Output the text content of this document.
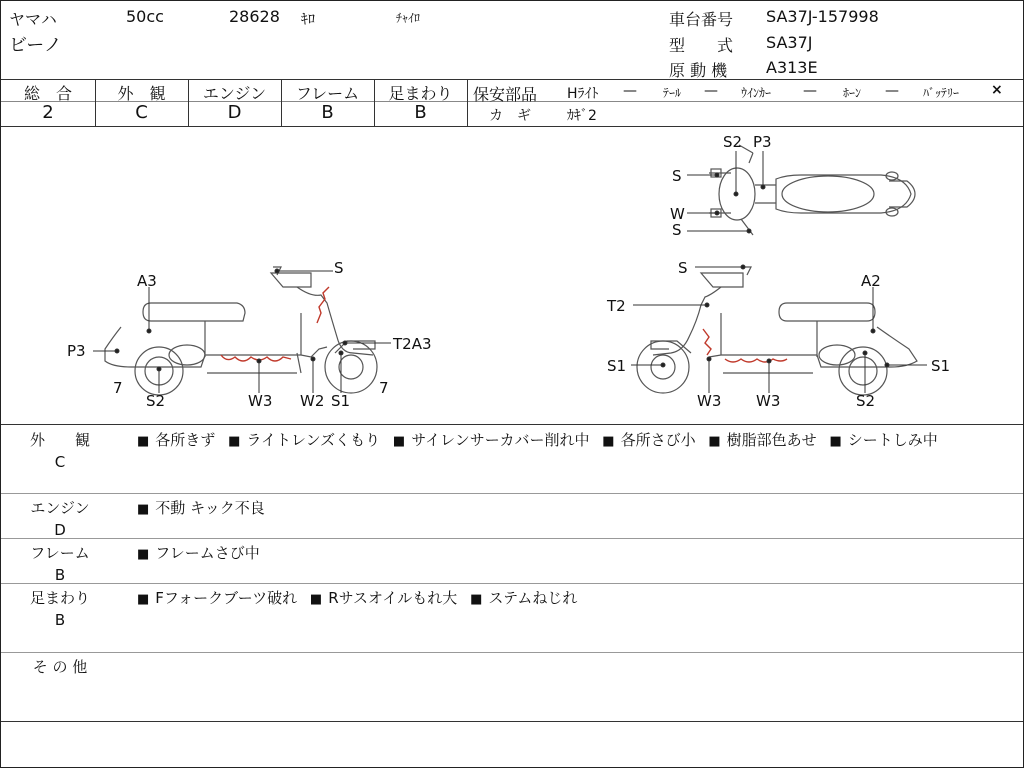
ヤマハ
ビーノ
50cc	28628 ｷﾛ	ﾁｬｲﾛ	車台番号 SA37J-157998
型　　式 SA37J
原 動 機 A313E
総　合	外　観	エンジン	フレーム	足まわり
2	C	D	B	B
保安部品 Hﾗｲﾄ — ﾃｰﾙ — ｳｲﾝｶｰ — ﾎｰﾝ — ﾊﾞｯﾃﾘｰ ×
カ　ギ	ｶｷﾞ2
S2 P3
S
W
S
S
A3
T2A3
P3
7
S2	W3 W2 S1
7
S
A2
T2
S1	S1
W3 W3	S2
外　　観
C
■ 各所きず ■ ライトレンズくもり ■ サイレンサーカバー削れ中 ■ 各所さび小 ■ 樹脂部色あせ ■ シートしみ中
エンジン
D
■ 不動 キック不良
フレーム
B
■ フレームさび中
足まわり
B
■ Fフォークブーツ破れ ■ Rサスオイルもれ大 ■ ステムねじれ
そ の 他
